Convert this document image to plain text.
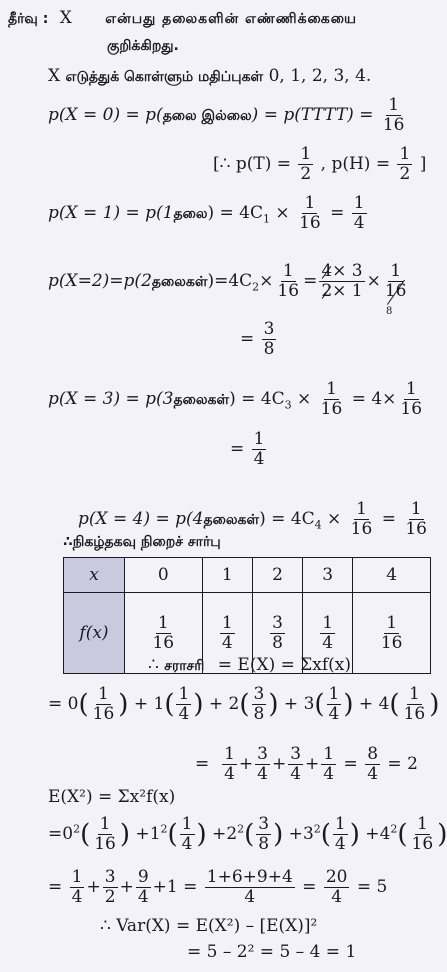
தீர்வு : X என்பது தலைகளின் எண்ணிக்கையை
குறிக்கிறது.
X எடுத்துக் கொள்ளும் மதிப்புகள் 0, 1, 2, 3, 4.
p(X = 0) = p(தலை இல்லை) = p(TTTT) = $\frac{1}{16}$
[∴ $p(T) = \frac{1}{2}$ , $p(H) = \frac{1}{2}$ ]
p(X = 1) = p(1தலை) = $4C_1 \times \frac{1}{16} = \frac{1}{4}$
$p(X=2)=p(2தலைகள்)=4C_2\times \frac{1}{16} = \frac{4\times 3}{2\times 1} \times \frac{1}{16}$
8
= $\frac{3}{8}$
p(X = 3) = p(3தலைகள்) = $4C_3 \times \frac{1}{16} = 4\times \frac{1}{16}$
= $\frac{1}{4}$
p(X = 4) = p(4தலைகள்) = $4C_4 \times \frac{1}{16} = \frac{1}{16}$
∴நிகழ்தகவு நிறைச் சார்பு
x	0	1	2	3	4
f(x)	$\frac{1}{16}$	$\frac{1}{4}$	$\frac{3}{8}$	$\frac{1}{4}$	$\frac{1}{16}$
∴ சராசரி = E(X) = Σxf(x)
= $0( \frac{1}{16}$ ) + $1( \frac{1}{4}$ ) + $2( \frac{3}{8}$ ) + $3( \frac{1}{4}$ ) + $4( \frac{1}{16}$ )
= $\frac{1}{4} + \frac{3}{4} + \frac{3}{4} + \frac{1}{4} = \frac{8}{4} = 2$
E(X²) = Σx²f(x)
$=0^2( \frac{1}{16}$ ) $+1^2( \frac{1}{4}$ ) $+2^2( \frac{3}{8}$ ) $+3^2( \frac{1}{4}$ ) $+4^2( \frac{1}{16}$ )
= $\frac{1}{4} + \frac{3}{2} + \frac{9}{4} +1 = \frac{1+6+9+4}{4} = \frac{20}{4} = 5$
∴ Var(X) = E(X²) – [E(X)]²
= 5 – 2² = 5 – 4 = 1
